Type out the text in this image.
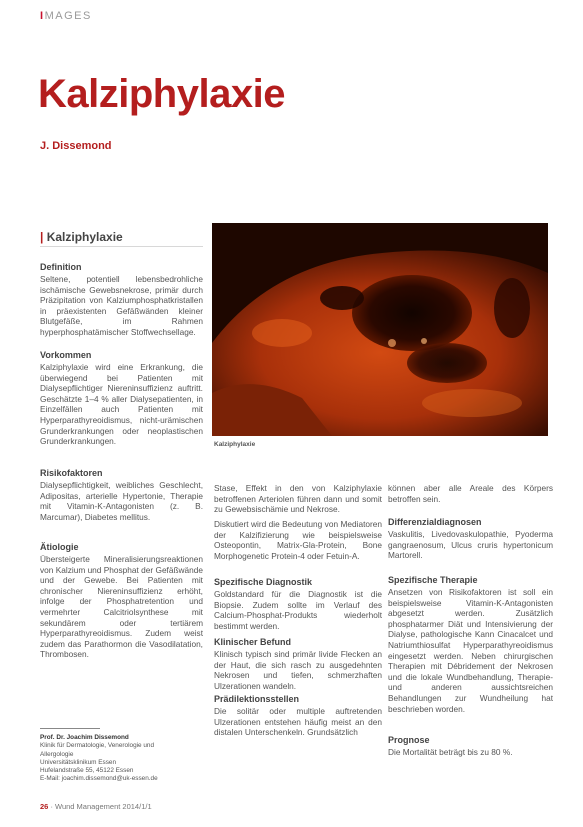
IMAGES
Kalziphylaxie
J. Dissemond
| Kalziphylaxie
Definition
Seltene, potentiell lebensbedrohliche ischämische Gewebsnekrose, primär durch Präzipitation von Kalziumphosphatkristallen in präexistenten Gefäßwänden kleiner Blutgefäße, im Rahmen hyperphosphatämischer Stoffwechsellage.
Vorkommen
Kalziphylaxie wird eine Erkrankung, die überwiegend bei Patienten mit Dialysepflichtiger Niereninsuffizienz auftritt. Geschätzte 1–4 % aller Dialysepatienten, in Einzelfällen auch Patienten mit Hyperparathyreoidismus, nicht-urämischen Grunderkrankungen oder neoplastischen Grunderkrankungen.
Risikofaktoren
Dialysepflichtigkeit, weibliches Geschlecht, Adipositas, arterielle Hypertonie, Therapie mit Vitamin-K-Antagonisten (z. B. Marcumar), Diabetes mellitus.
Ätiologie
Übersteigerte Mineralisierungsreaktionen von Kalzium und Phosphat der Gefäßwände und der Gewebe. Bei Patienten mit chronischer Niereninsuffizienz erhöht, infolge der Phosphatretention und vermehrter Calcitriolsynthese mit sekundärem oder tertiärem Hyperparathyreoidismus. Zudem weist zudem das Parathormon die Vasodilatation, Thrombosen.
Kalziphylaxie
Stase, Effekt in den von Kalziphylaxie betroffenen Arteriolen führen dann und somit zu Gewebsischämie und Nekrose.
Diskutiert wird die Bedeutung von Mediatoren der Kalzifizierung wie beispielsweise Osteopontin, Matrix-Gla-Protein, Bone Morphogenetic Protein-4 oder Fetuin-A.
Spezifische Diagnostik
Goldstandard für die Diagnostik ist die Biopsie. Zudem sollte im Verlauf des Calcium-Phosphat-Produkts wiederholt bestimmt werden.
Klinischer Befund
Klinisch typisch sind primär livide Flecken an der Haut, die sich rasch zu ausgedehnten Nekrosen und tiefen, schmerzhaften Ulzerationen wandeln.
Prädilektionsstellen
Die solitär oder multiple auftretenden Ulzerationen entstehen häufig meist an den distalen Unterschenkeln. Grundsätzlich
können aber alle Areale des Körpers betroffen sein.
Differenzialdiagnosen
Vaskulitis, Livedovaskulopathie, Pyoderma gangraenosum, Ulcus cruris hypertonicum Martorell.
Spezifische Therapie
Ansetzen von Risikofaktoren ist soll ein beispielsweise Vitamin-K-Antagonisten abgesetzt werden. Zusätzlich phosphatarmer Diät und Intensivierung der Dialyse, pathologische Kann Cinacalcet und Natriumthiosulfat Hyperparathyreoidismus eingesetzt werden. Neben chirurgischen Therapien mit Débridement der Nekrosen und die lokale Wundbehandlung, Therapie- und anderen aussichtsreichen Behandlungen zur Wundheilung hat beschrieben worden.
Prognose
Die Mortalität beträgt bis zu 80 %.
Prof. Dr. Joachim Dissemond
Klinik für Dermatologie, Venerologie und
Allergologie
Universitätsklinikum Essen
Hufelandstraße 55, 45122 Essen
E-Mail: joachim.dissemond@uk-essen.de
26 · Wund Management 2014/1/1
